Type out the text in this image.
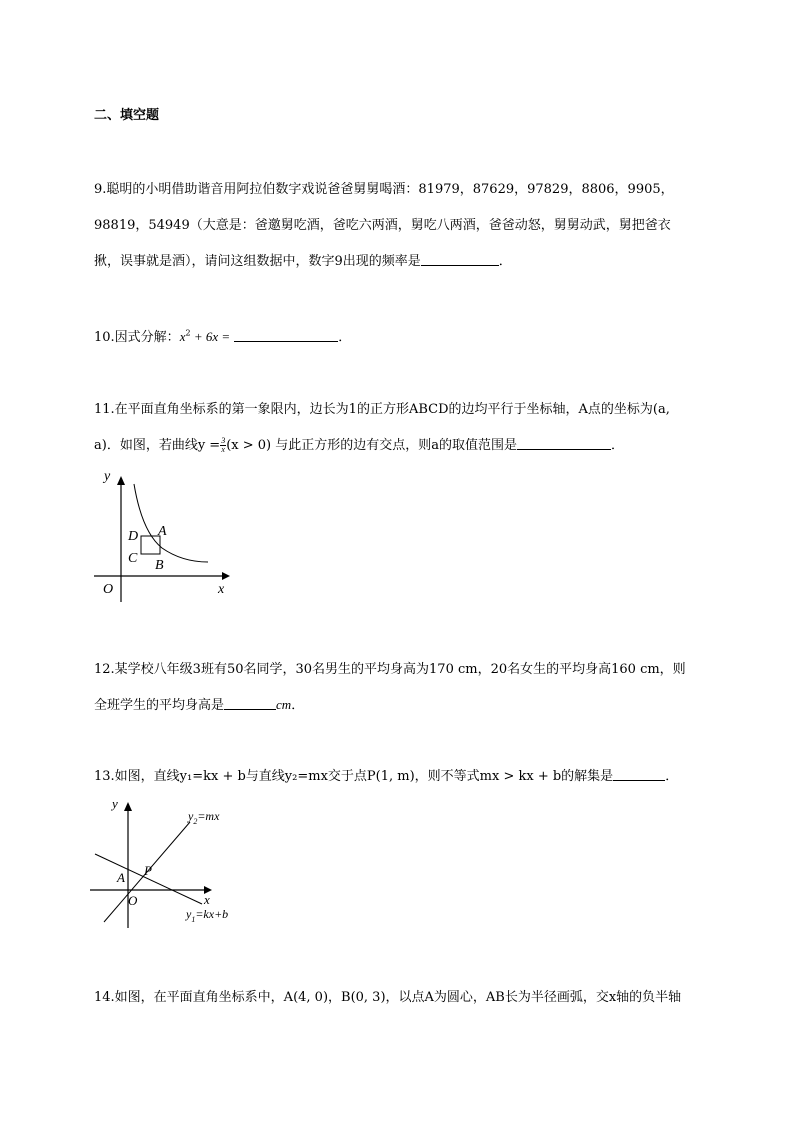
二、填空题
9.聪明的小明借助谐音用阿拉伯数字戏说爸爸舅舅喝酒：81979，87629，97829，8806，9905，
98819，54949（大意是：爸邀舅吃酒，爸吃六两酒，舅吃八两酒，爸爸动怒，舅舅动武，舅把爸衣
揪，误事就是酒），请问这组数据中，数字9出现的频率是	．
10.因式分解：$x^2 + 6x$ =	．
11.在平面直角坐标系的第一象限内，边长为1的正方形ABCD的边均平行于坐标轴，A点的坐标为(a,
a)．如图，若曲线$y = \frac{3}{x} (x > 0)$ 与此正方形的边有交点，则a的取值范围是	．
y
x
O
A
B
C
D
12.某学校八年级3班有50名同学，30名男生的平均身高为170 cm，20名女生的平均身高160 cm，则
全班学生的平均身高是	cm．
13.如图，直线y₁=kx + b与直线y₂=mx交于点P(1, m)，则不等式mx > kx + b的解集是	．
y
x
O
A P
$y_2=mx$
$y_1=kx+b$
14.如图，在平面直角坐标系中，A(4, 0)，B(0, 3)，以点A为圆心，AB长为半径画弧，交x轴的负半轴
